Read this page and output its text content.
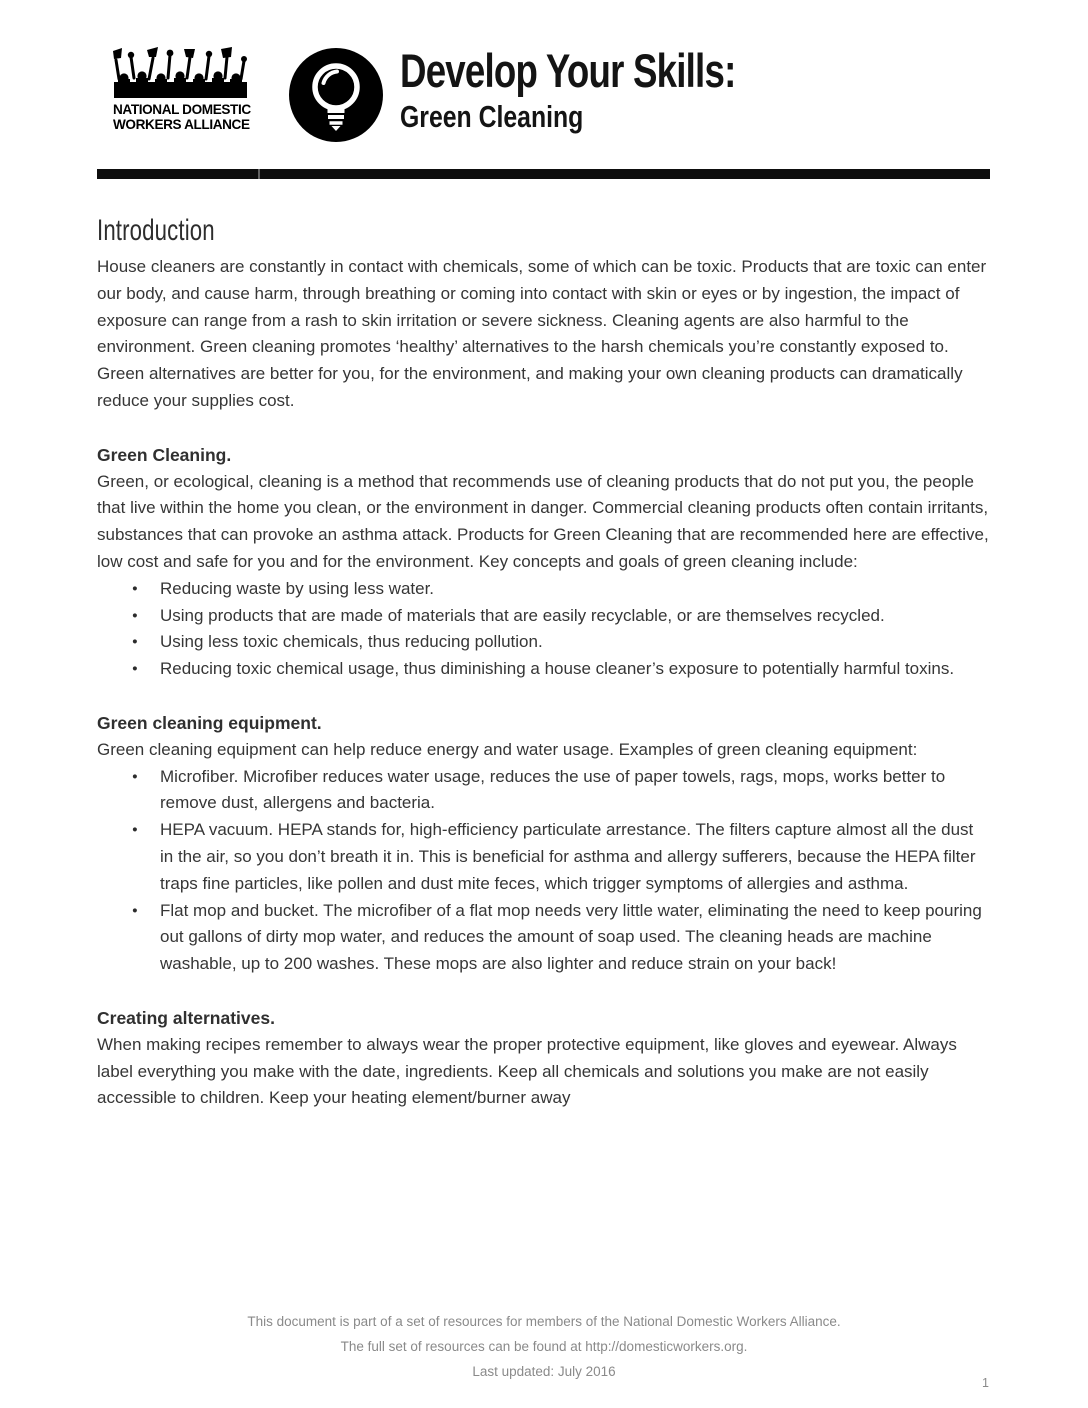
NATIONAL DOMESTIC
WORKERS ALLIANCE
Develop Your Skills:
Green Cleaning
Introduction

House cleaners are constantly in contact with chemicals, some of which can be toxic. Products that are toxic can enter our body, and cause harm, through breathing or coming into contact with skin or eyes or by ingestion, the impact of exposure can range from a rash to skin irritation or severe sickness. Cleaning agents are also harmful to the environment. Green cleaning promotes ‘healthy’ alternatives to the harsh chemicals you’re constantly exposed to. Green alternatives are better for you, for the environment, and making your own cleaning products can dramatically reduce your supplies cost.

Green Cleaning.

Green, or ecological, cleaning is a method that recommends use of cleaning products that do not put you, the people that live within the home you clean, or the environment in danger. Commercial cleaning products often contain irritants, substances that can provoke an asthma attack. Products for Green Cleaning that are recommended here are effective, low cost and safe for you and for the environment. Key concepts and goals of green cleaning include:

● Reducing waste by using less water.
● Using products that are made of materials that are easily recyclable, or are themselves recycled.
● Using less toxic chemicals, thus reducing pollution.
● Reducing toxic chemical usage, thus diminishing a house cleaner’s exposure to potentially harmful toxins.
Green cleaning equipment.

Green cleaning equipment can help reduce energy and water usage. Examples of green cleaning equipment:

● Microfiber. Microfiber reduces water usage, reduces the use of paper towels, rags, mops, works better to remove dust, allergens and bacteria.
● HEPA vacuum. HEPA stands for, high-efficiency particulate arrestance. The filters capture almost all the dust in the air, so you don’t breath it in. This is beneficial for asthma and allergy sufferers, because the HEPA filter traps fine particles, like pollen and dust mite feces, which trigger symptoms of allergies and asthma.
● Flat mop and bucket. The microfiber of a flat mop needs very little water, eliminating the need to keep pouring out gallons of dirty mop water, and reduces the amount of soap used. The cleaning heads are machine washable, up to 200 washes. These mops are also lighter and reduce strain on your back!
Creating alternatives.

When making recipes remember to always wear the proper protective equipment, like gloves and eyewear. Always label everything you make with the date, ingredients. Keep all chemicals and solutions you make are not easily accessible to children. Keep your heating element/burner away

This document is part of a set of resources for members of the National Domestic Workers Alliance.
The full set of resources can be found at http://domesticworkers.org.
Last updated: July 2016
1
